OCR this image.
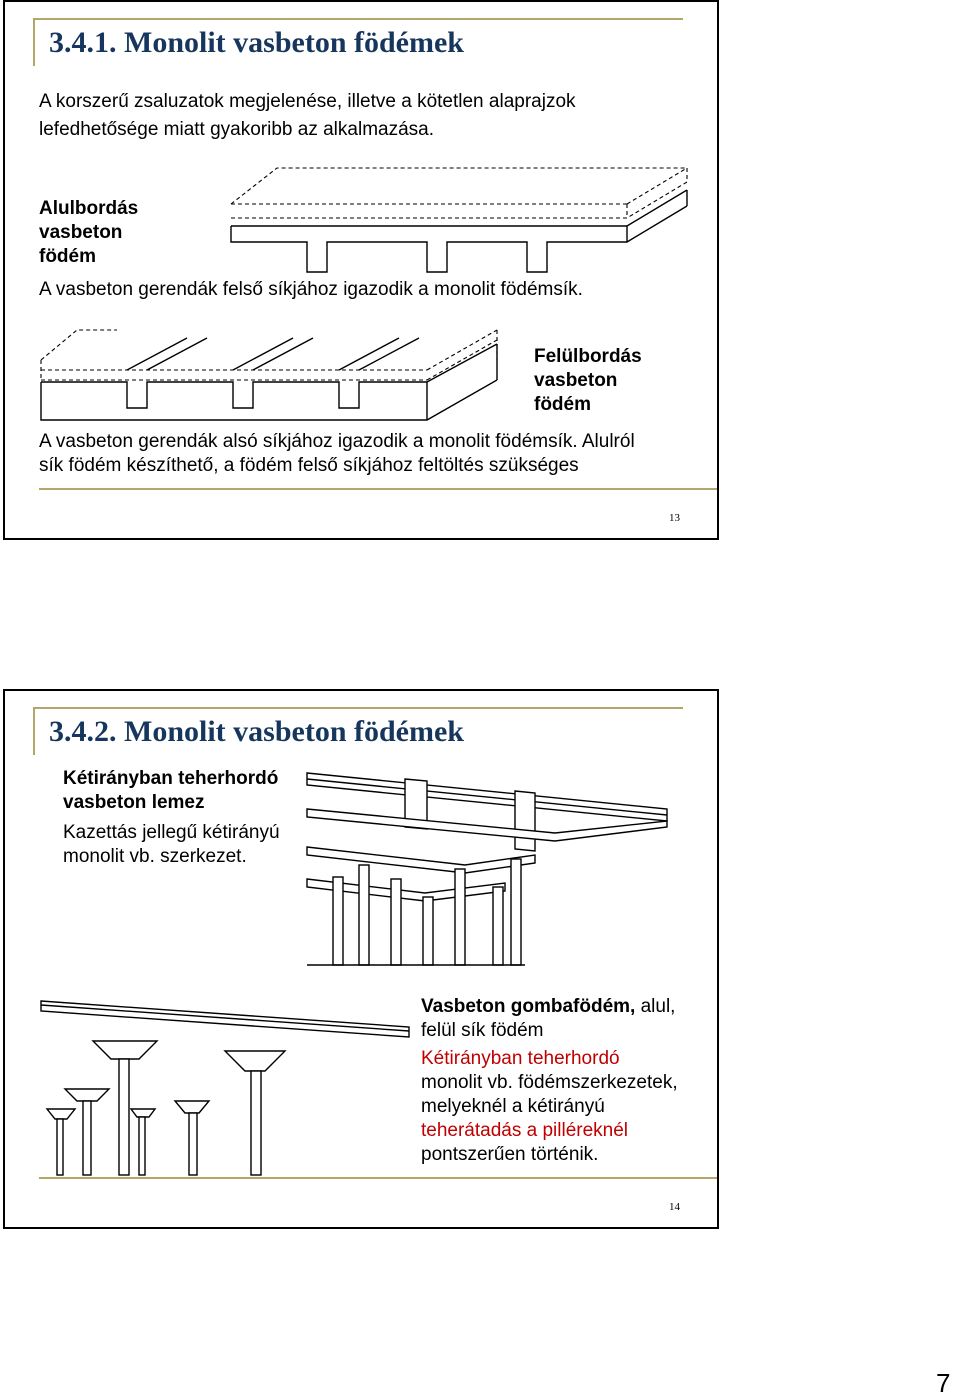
3.4.1. Monolit vasbeton födémek
A korszerű zsaluzatok megjelenése, illetve a kötetlen alaprajzok
lefedhetősége miatt gyakoribb az alkalmazása.
Alulbordás
vasbeton
födém
A vasbeton gerendák felső síkjához igazodik a monolit födémsík.
Felülbordás
vasbeton
födém
A vasbeton gerendák alsó síkjához igazodik a monolit födémsík. Alulról
sík födém készíthető, a födém felső síkjához feltöltés szükséges
13
3.4.2. Monolit vasbeton födémek
Kétirányban teherhordó
vasbeton lemez
Kazettás jellegű kétirányú
monolit vb. szerkezet.
Vasbeton gombafödém, alul,
felül sík födém
Kétirányban teherhordó
monolit vb. födémszerkezetek,
melyeknél a kétirányú
teherátadás a pilléreknél
pontszerűen történik.
14
7
